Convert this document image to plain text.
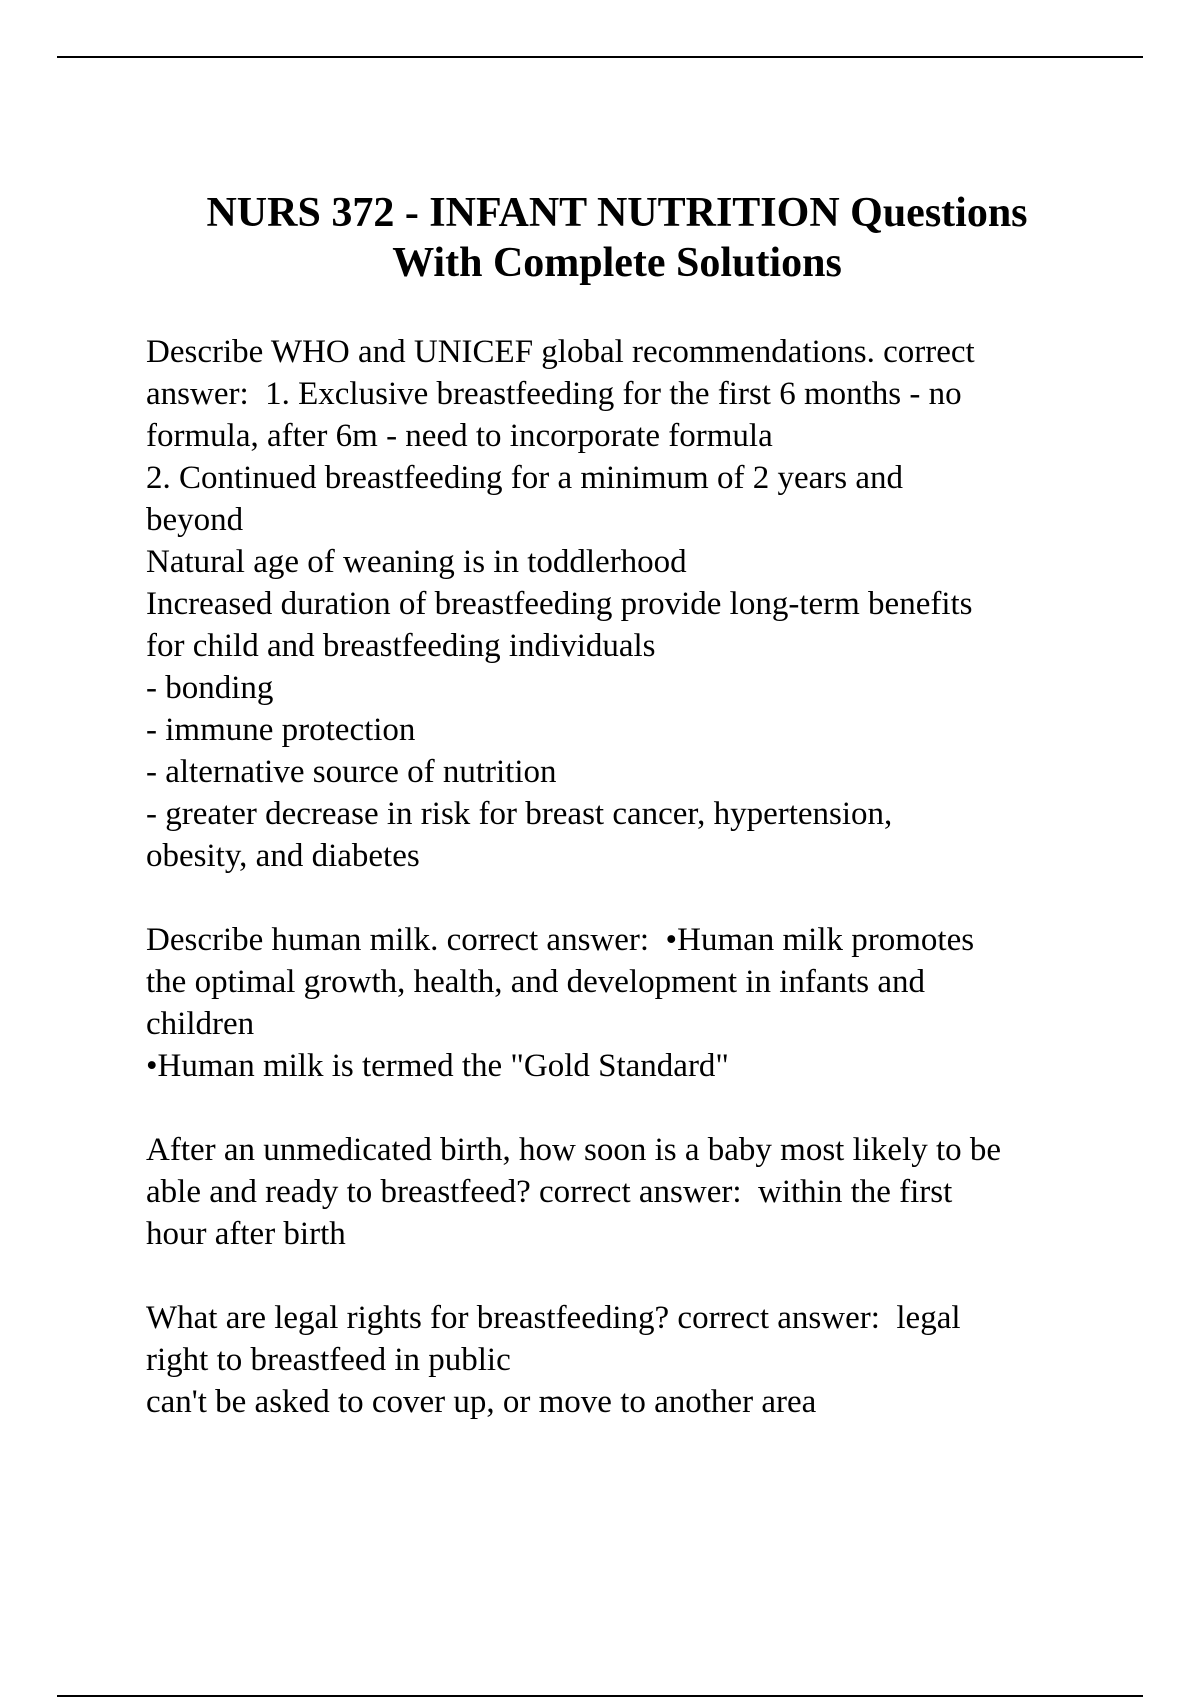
NURS 372 - INFANT NUTRITION Questions
With Complete Solutions
Describe WHO and UNICEF global recommendations. correct
answer:  1. Exclusive breastfeeding for the first 6 months - no
formula, after 6m - need to incorporate formula
2. Continued breastfeeding for a minimum of 2 years and
beyond
Natural age of weaning is in toddlerhood
Increased duration of breastfeeding provide long-term benefits
for child and breastfeeding individuals
- bonding
- immune protection
- alternative source of nutrition
- greater decrease in risk for breast cancer, hypertension,
obesity, and diabetes
Describe human milk. correct answer:  •Human milk promotes
the optimal growth, health, and development in infants and
children
•Human milk is termed the "Gold Standard"
After an unmedicated birth, how soon is a baby most likely to be
able and ready to breastfeed? correct answer:  within the first
hour after birth
What are legal rights for breastfeeding? correct answer:  legal
right to breastfeed in public
can't be asked to cover up, or move to another area
